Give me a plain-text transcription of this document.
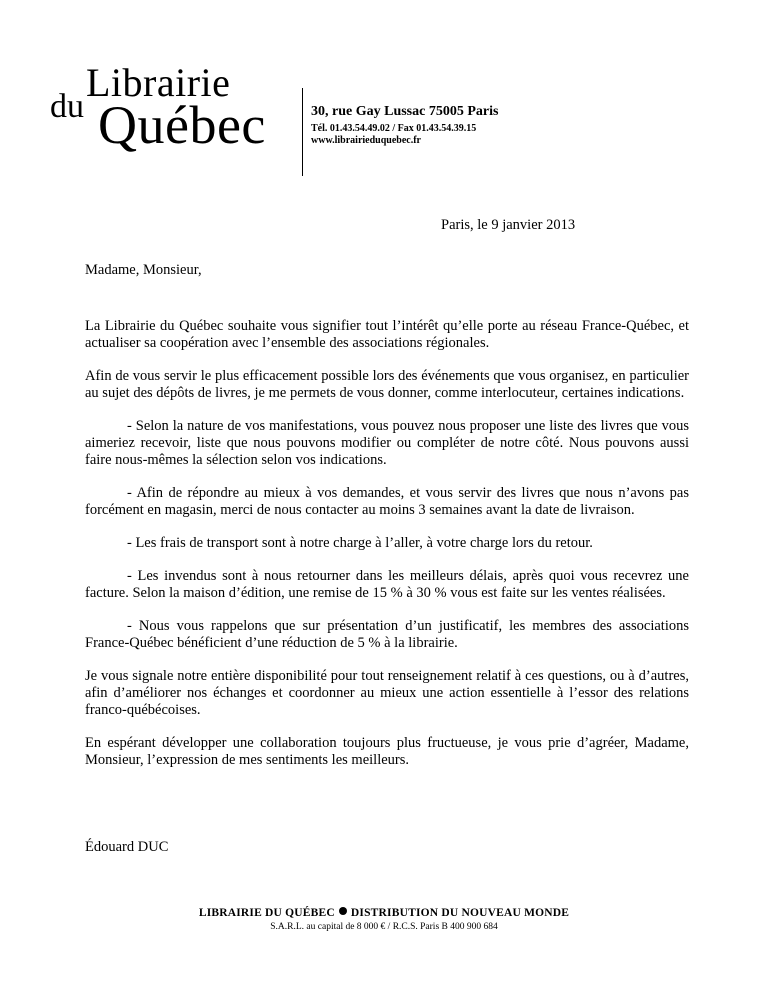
du
Librairie
Québec	30, rue Gay Lussac 75005 Paris
Tél. 01.43.54.49.02 / Fax 01.43.54.39.15
www.librairieduquebec.fr
Paris, le 9 janvier 2013
Madame, Monsieur,

La Librairie du Québec souhaite vous signifier tout l’intérêt qu’elle porte au réseau France-Québec, et actualiser sa coopération avec l’ensemble des associations régionales.

Afin de vous servir le plus efficacement possible lors des événements que vous organisez, en particulier au sujet des dépôts de livres, je me permets de vous donner, comme interlocuteur, certaines indications.

- Selon la nature de vos manifestations, vous pouvez nous proposer une liste des livres que vous aimeriez recevoir, liste que nous pouvons modifier ou compléter de notre côté. Nous pouvons aussi faire nous-mêmes la sélection selon vos indications.

- Afin de répondre au mieux à vos demandes, et vous servir des livres que nous n’avons pas forcément en magasin, merci de nous contacter au moins 3 semaines avant la date de livraison.

- Les frais de transport sont à notre charge à l’aller, à votre charge lors du retour.

- Les invendus sont à nous retourner dans les meilleurs délais, après quoi vous recevrez une facture. Selon la maison d’édition, une remise de 15 % à 30 % vous est faite sur les ventes réalisées.

- Nous vous rappelons que sur présentation d’un justificatif, les membres des associations France-Québec bénéficient d’une réduction de 5 % à la librairie.

Je vous signale notre entière disponibilité pour tout renseignement relatif à ces questions, ou à d’autres, afin d’améliorer nos échanges et coordonner au mieux une action essentielle à l’essor des relations franco-québécoises.

En espérant développer une collaboration toujours plus fructueuse, je vous prie d’agréer, Madame, Monsieur, l’expression de mes sentiments les meilleurs.

Édouard DUC
LIBRAIRIE DU QUÉBEC DISTRIBUTION DU NOUVEAU MONDE
S.A.R.L. au capital de 8 000 € / R.C.S. Paris B 400 900 684
